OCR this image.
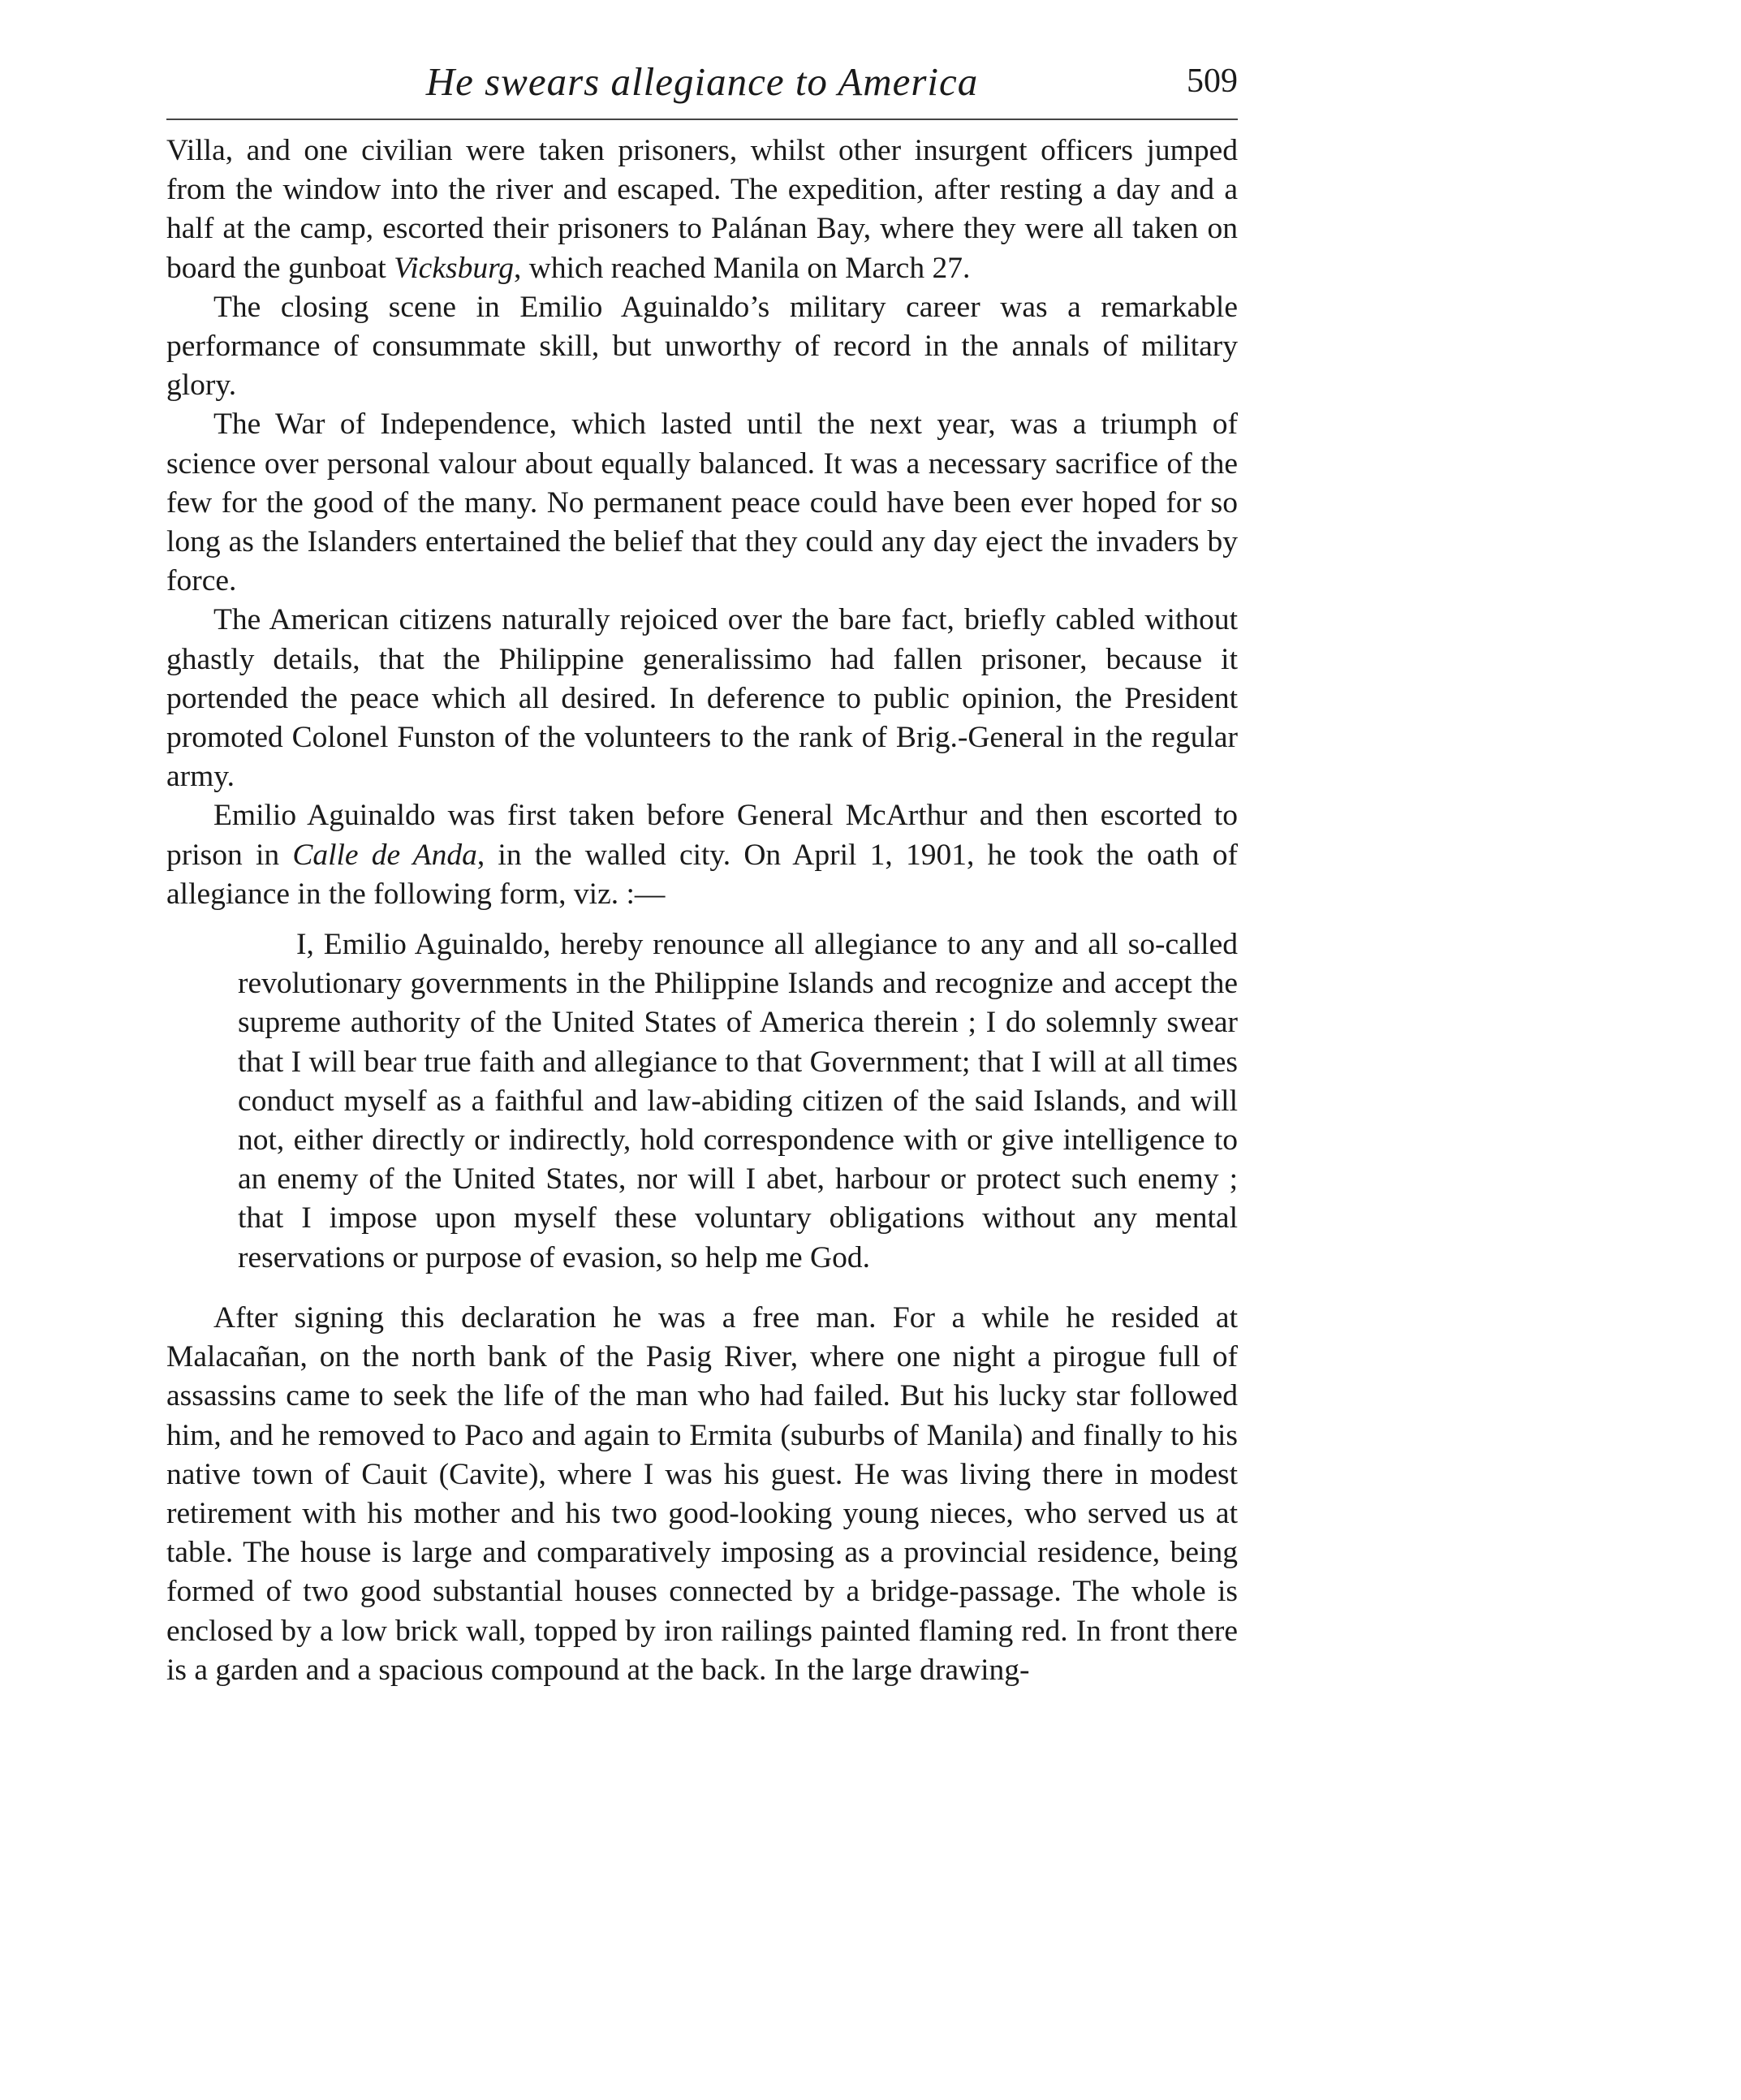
He swears allegiance to America	509

Villa, and one civilian were taken prisoners, whilst other insurgent officers jumped from the window into the river and escaped. The expedition, after resting a day and a half at the camp, escorted their prisoners to Palánan Bay, where they were all taken on board the gunboat Vicksburg, which reached Manila on March 27.

The closing scene in Emilio Aguinaldo’s military career was a remarkable performance of consummate skill, but unworthy of record in the annals of military glory.

The War of Independence, which lasted until the next year, was a triumph of science over personal valour about equally balanced. It was a necessary sacrifice of the few for the good of the many. No permanent peace could have been ever hoped for so long as the Islanders entertained the belief that they could any day eject the invaders by force.

The American citizens naturally rejoiced over the bare fact, briefly cabled without ghastly details, that the Philippine generalissimo had fallen prisoner, because it portended the peace which all desired. In deference to public opinion, the President promoted Colonel Funston of the volunteers to the rank of Brig.-General in the regular army.

Emilio Aguinaldo was first taken before General McArthur and then escorted to prison in Calle de Anda, in the walled city. On April 1, 1901, he took the oath of allegiance in the following form, viz. :—

I, Emilio Aguinaldo, hereby renounce all allegiance to any and all so-called revolutionary governments in the Philippine Islands and recognize and accept the supreme authority of the United States of America therein ; I do solemnly swear that I will bear true faith and allegiance to that Government; that I will at all times conduct myself as a faithful and law-abiding citizen of the said Islands, and will not, either directly or indirectly, hold correspondence with or give intelligence to an enemy of the United States, nor will I abet, harbour or protect such enemy ; that I impose upon myself these voluntary obligations without any mental reservations or purpose of evasion, so help me God.

After signing this declaration he was a free man. For a while he resided at Malacañan, on the north bank of the Pasig River, where one night a pirogue full of assassins came to seek the life of the man who had failed. But his lucky star followed him, and he removed to Paco and again to Ermita (suburbs of Manila) and finally to his native town of Cauit (Cavite), where I was his guest. He was living there in modest retirement with his mother and his two good-looking young nieces, who served us at table. The house is large and comparatively imposing as a provincial residence, being formed of two good substantial houses connected by a bridge-passage. The whole is enclosed by a low brick wall, topped by iron railings painted flaming red. In front there is a garden and a spacious compound at the back. In the large drawing-
